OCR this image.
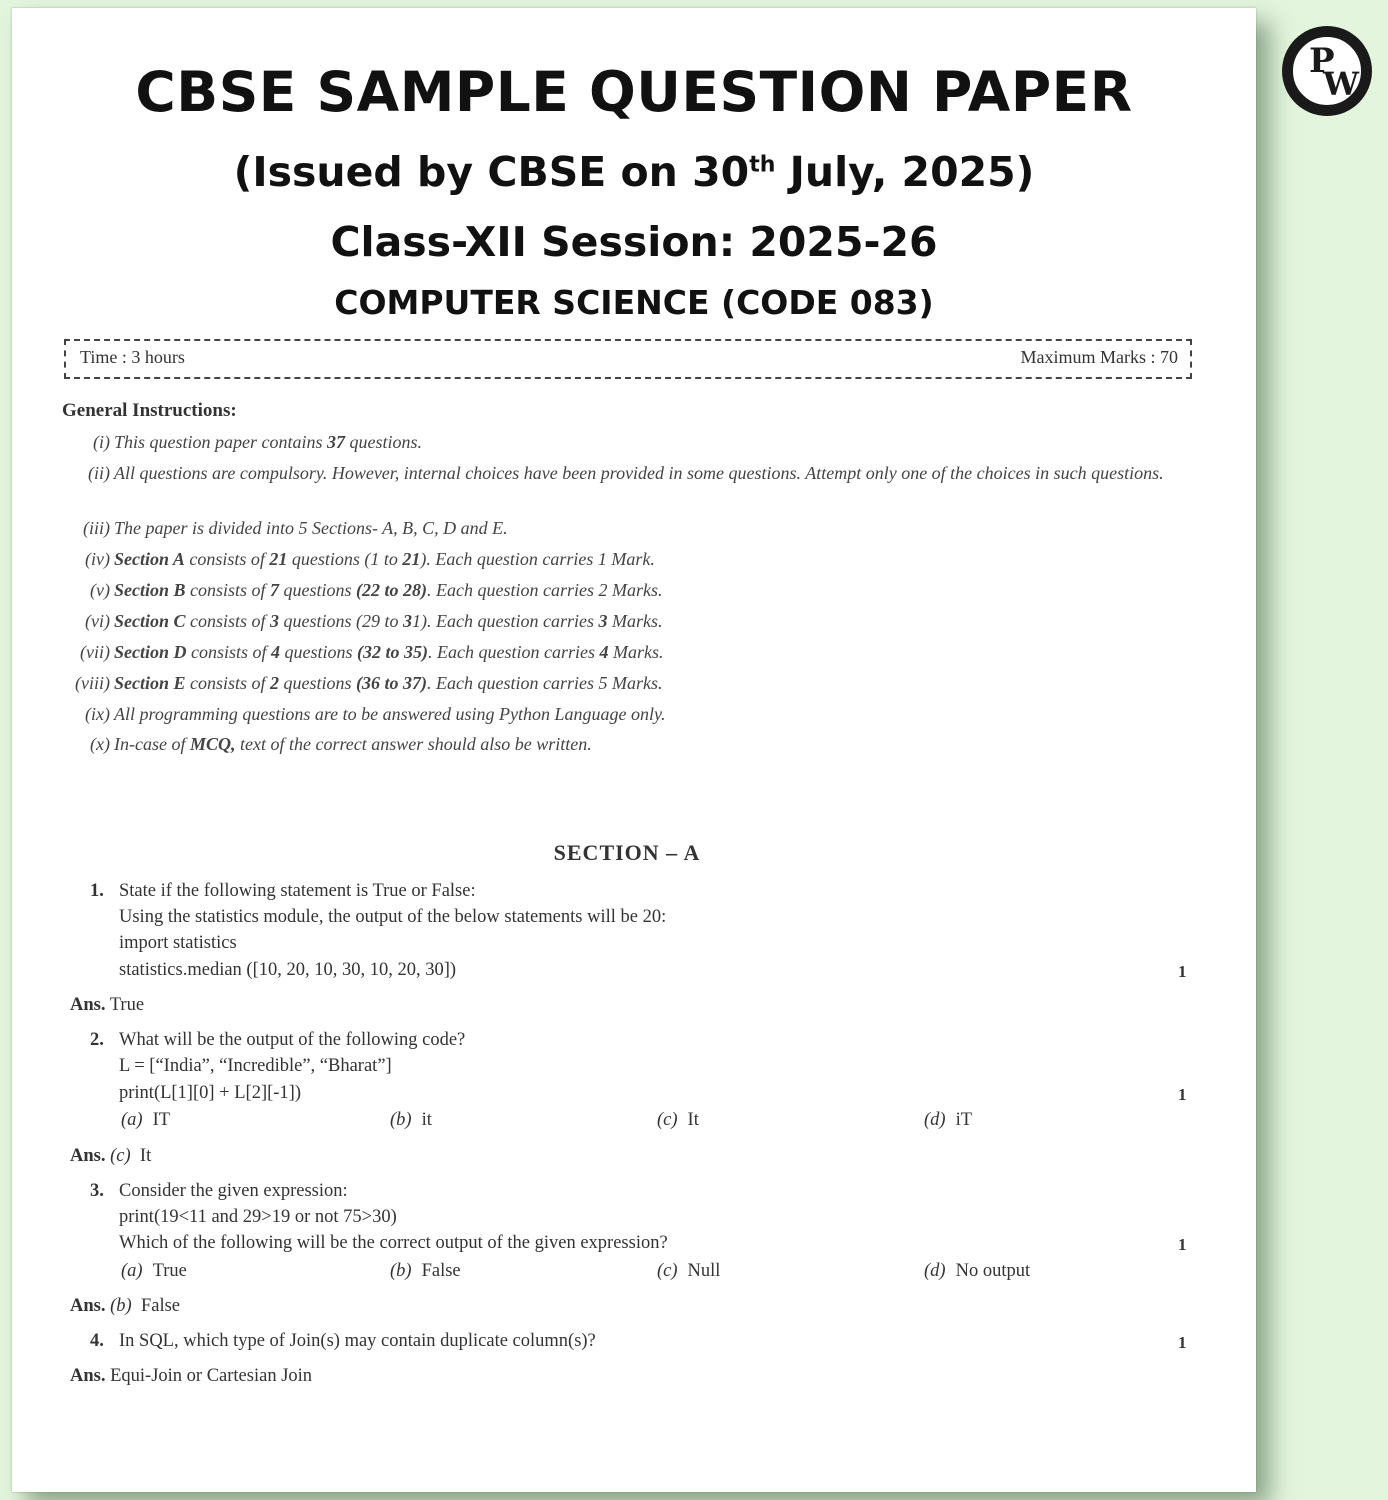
CBSE SAMPLE QUESTION PAPER
(Issued by CBSE on 30th July, 2025)
Class-XII Session: 2025-26
COMPUTER SCIENCE (CODE 083)
Time : 3 hours	Maximum Marks : 70
General Instructions:
(i) This question paper contains 37 questions.
(ii) All questions are compulsory. However, internal choices have been provided in some questions. Attempt only one of the choices in such questions.
(iii) The paper is divided into 5 Sections- A, B, C, D and E.
(iv) Section A consists of 21 questions (1 to 21). Each question carries 1 Mark.
(v) Section B consists of 7 questions (22 to 28). Each question carries 2 Marks.
(vi) Section C consists of 3 questions (29 to 31). Each question carries 3 Marks.
(vii) Section D consists of 4 questions (32 to 35). Each question carries 4 Marks.
(viii) Section E consists of 2 questions (36 to 37). Each question carries 5 Marks.
(ix) All programming questions are to be answered using Python Language only.
(x) In-case of MCQ, text of the correct answer should also be written.
SECTION – A
1. State if the following statement is True or False:
Using the statistics module, the output of the below statements will be 20:
import statistics
statistics.median ([10, 20, 10, 30, 10, 20, 30])	1
Ans. True
2. What will be the output of the following code?
L = [“India”, “Incredible”, “Bharat”]
print(L[1][0] + L[2][-1])	1
(a) IT	(b) it	(c) It	(d) iT
Ans. (c) It
3. Consider the given expression:
print(19<11 and 29>19 or not 75>30)
Which of the following will be the correct output of the given expression?	1
(a) True	(b) False	(c) Null	(d) No output
Ans. (b) False
4. In SQL, which type of Join(s) may contain duplicate column(s)?	1
Ans. Equi-Join or Cartesian Join
P
W
